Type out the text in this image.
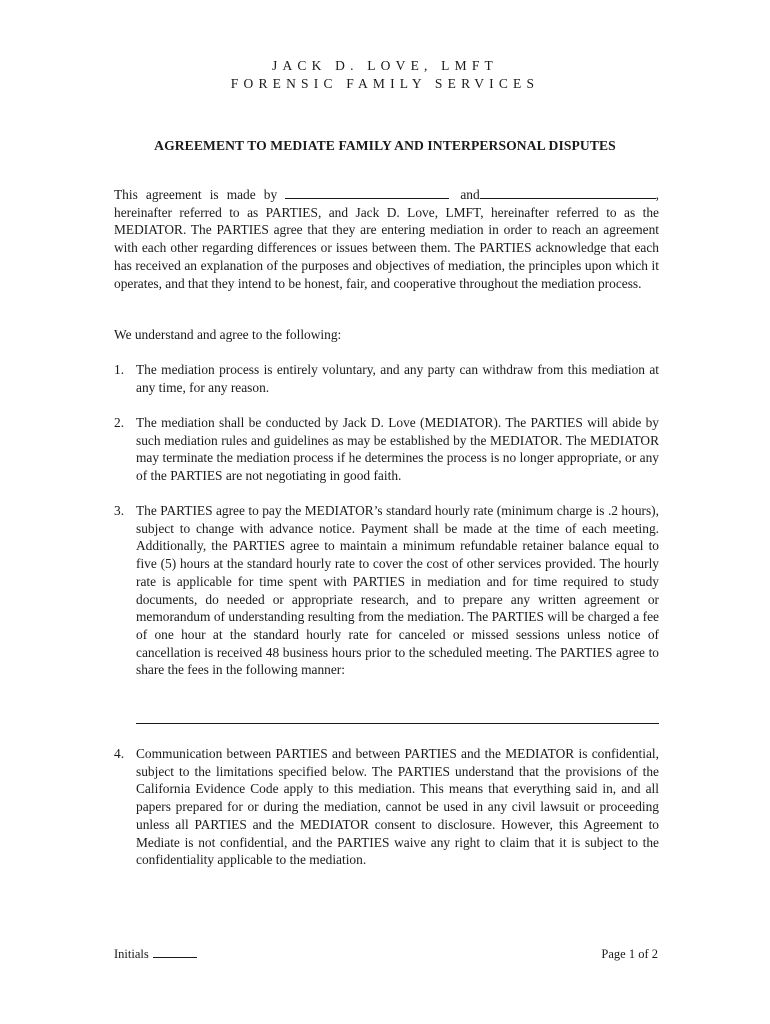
JACK D. LOVE, LMFT
FORENSIC FAMILY SERVICES
AGREEMENT TO MEDIATE FAMILY AND INTERPERSONAL DISPUTES
This agreement is made by	and	, hereinafter referred to as PARTIES, and Jack D. Love, LMFT, hereinafter referred to as the MEDIATOR. The PARTIES agree that they are entering mediation in order to reach an agreement with each other regarding differences or issues between them. The PARTIES acknowledge that each has received an explanation of the purposes and objectives of mediation, the principles upon which it operates, and that they intend to be honest, fair, and cooperative throughout the mediation process.
We understand and agree to the following:
1. The mediation process is entirely voluntary, and any party can withdraw from this mediation at any time, for any reason.
2. The mediation shall be conducted by Jack D. Love (MEDIATOR). The PARTIES will abide by such mediation rules and guidelines as may be established by the MEDIATOR. The MEDIATOR may terminate the mediation process if he determines the process is no longer appropriate, or any of the PARTIES are not negotiating in good faith.
3. The PARTIES agree to pay the MEDIATOR’s standard hourly rate (minimum charge is .2 hours), subject to change with advance notice. Payment shall be made at the time of each meeting. Additionally, the PARTIES agree to maintain a minimum refundable retainer balance equal to five (5) hours at the standard hourly rate to cover the cost of other services provided. The hourly rate is applicable for time spent with PARTIES in mediation and for time required to study documents, do needed or appropriate research, and to prepare any written agreement or memorandum of understanding resulting from the mediation. The PARTIES will be charged a fee of one hour at the standard hourly rate for canceled or missed sessions unless notice of cancellation is received 48 business hours prior to the scheduled meeting. The PARTIES agree to share the fees in the following manner:
4. Communication between PARTIES and between PARTIES and the MEDIATOR is confidential, subject to the limitations specified below. The PARTIES understand that the provisions of the California Evidence Code apply to this mediation. This means that everything said in, and all papers prepared for or during the mediation, cannot be used in any civil lawsuit or proceeding unless all PARTIES and the MEDIATOR consent to disclosure. However, this Agreement to Mediate is not confidential, and the PARTIES waive any right to claim that it is subject to the confidentiality applicable to the mediation.
Initials	Page 1 of 2
